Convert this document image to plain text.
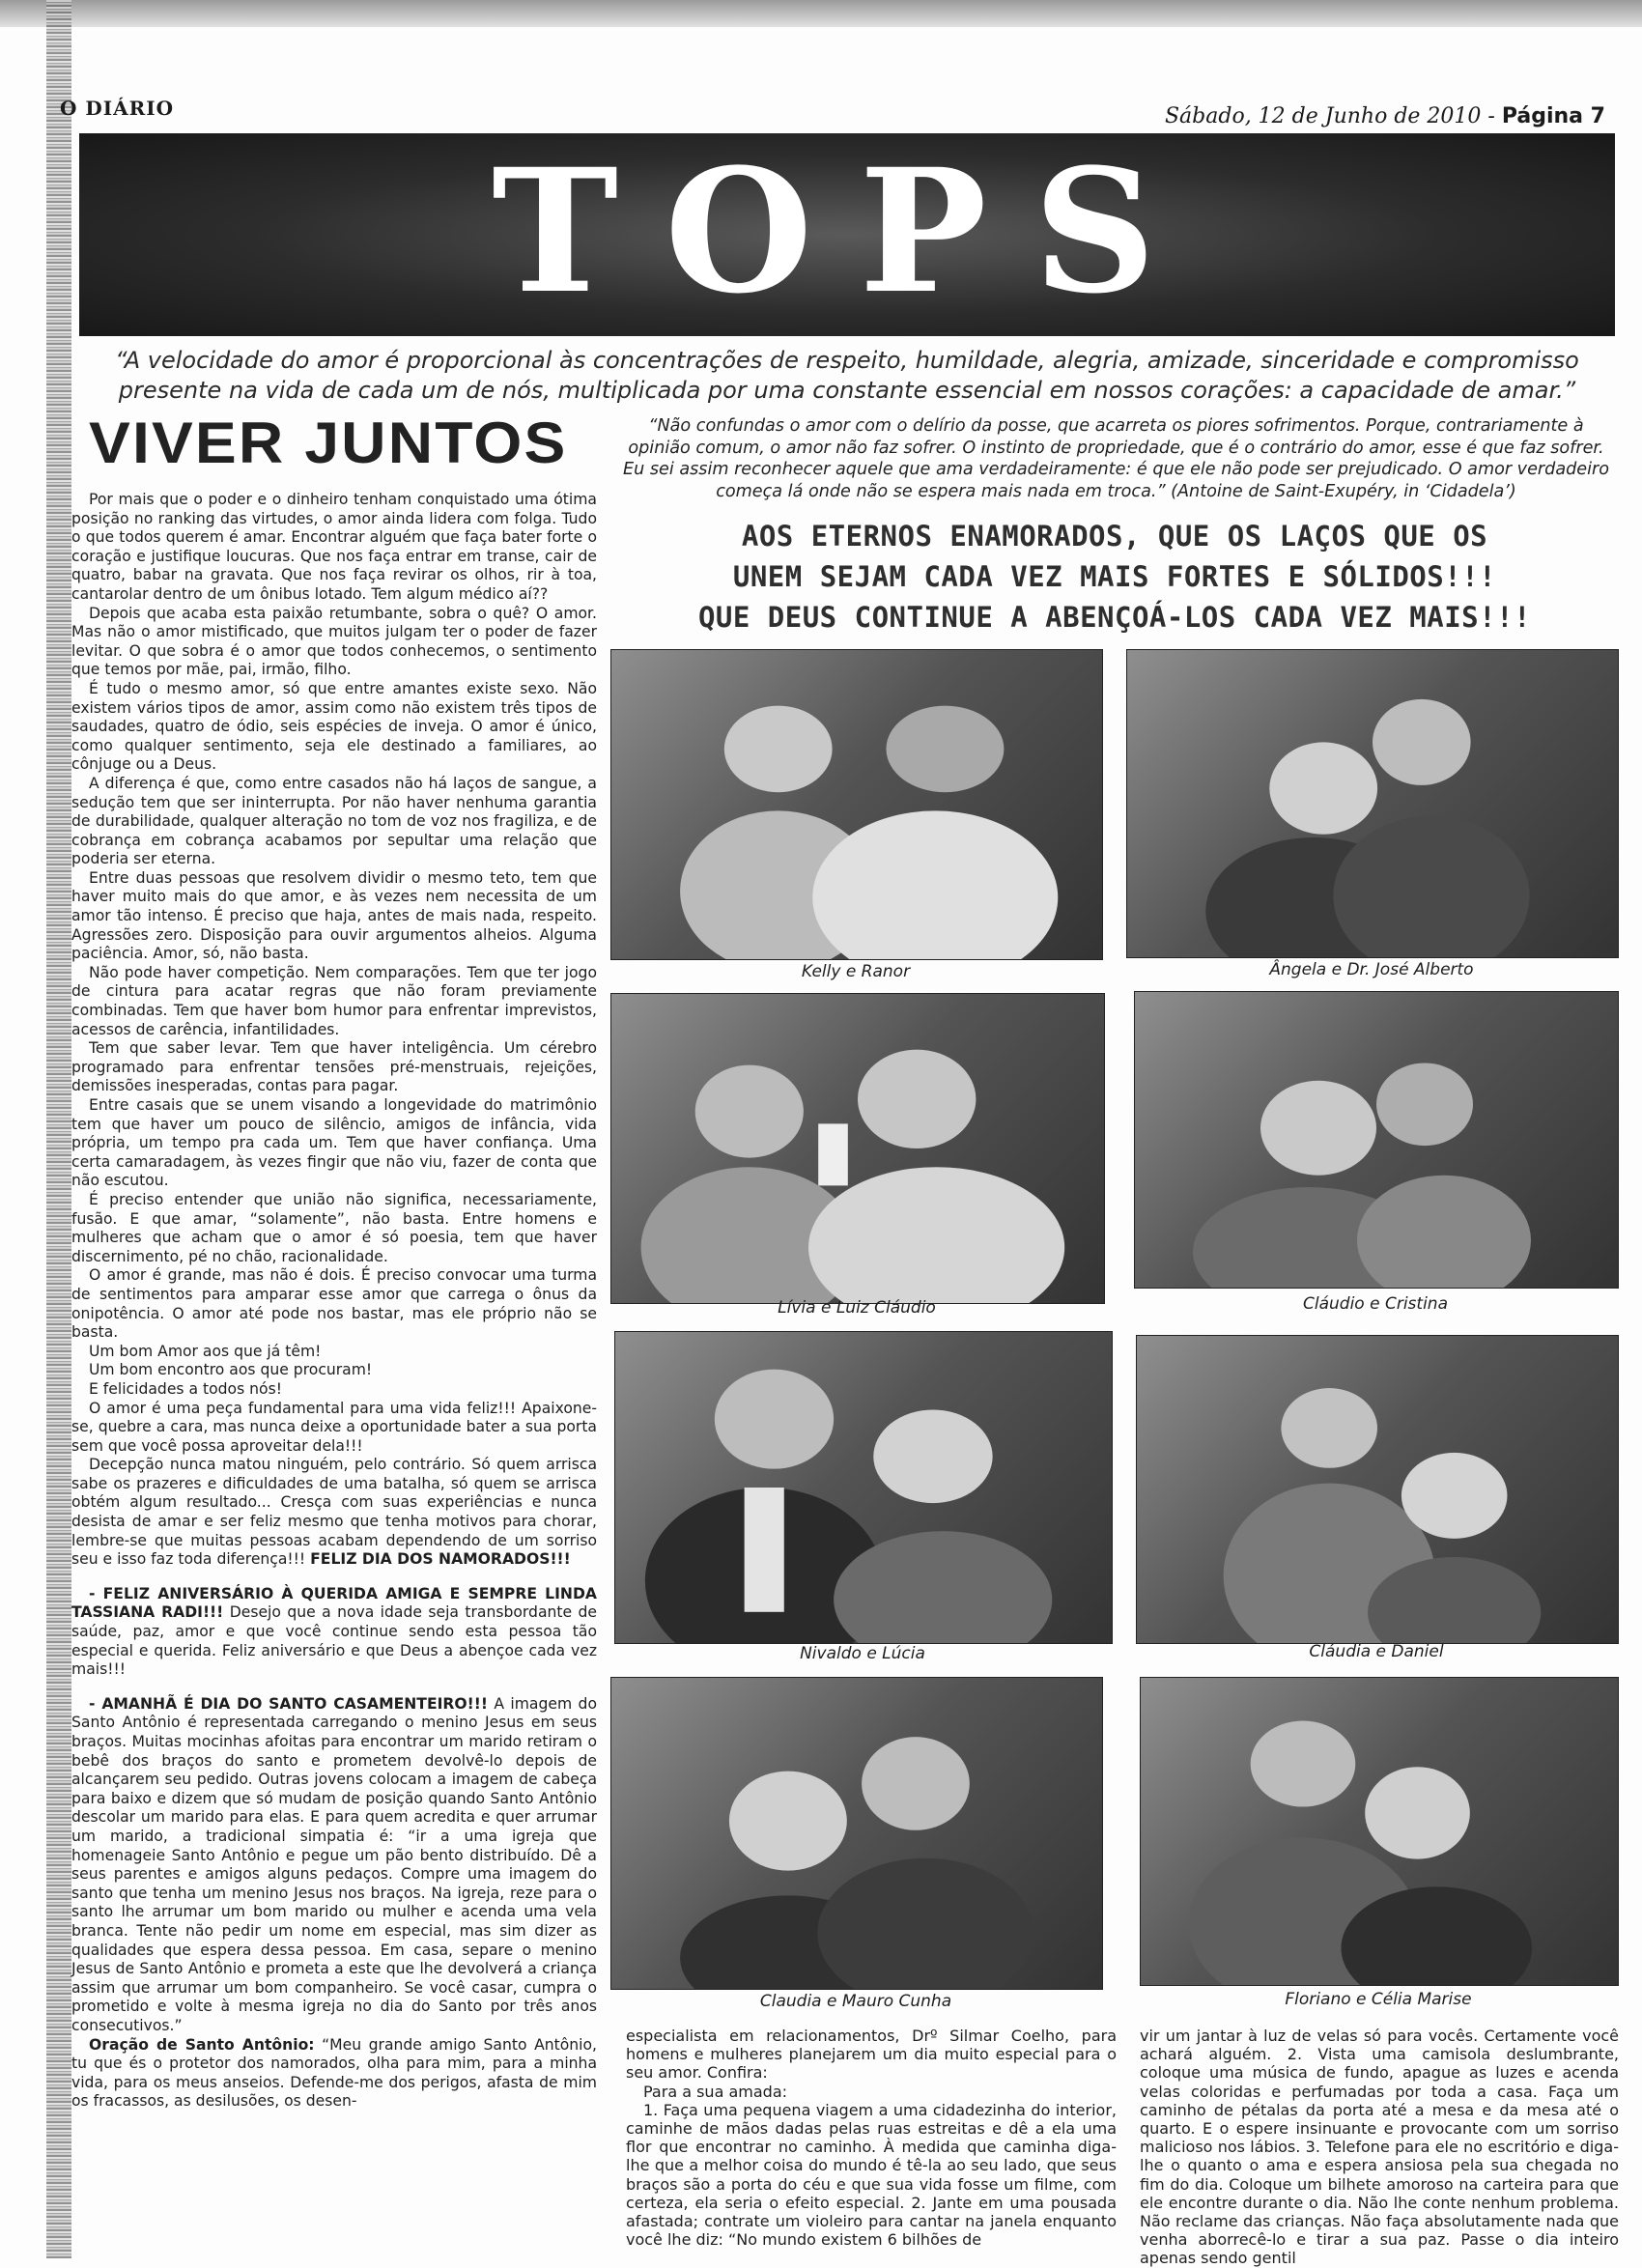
O DIÁRIO	Sábado, 12 de Junho de 2010 - Página 7
TOPS
“A velocidade do amor é proporcional às concentrações de respeito, humildade, alegria, amizade, sinceridade e compromisso presente na vida de cada um de nós, multiplicada por uma constante essencial em nossos corações: a capacidade de amar.”
VIVER JUNTOS

Por mais que o poder e o dinheiro tenham conquistado uma ótima posição no ranking das virtudes, o amor ainda lidera com folga. Tudo o que todos querem é amar. Encontrar alguém que faça bater forte o coração e justifique loucuras. Que nos faça entrar em transe, cair de quatro, babar na gravata. Que nos faça revirar os olhos, rir à toa, cantarolar dentro de um ônibus lotado. Tem algum médico aí??

Depois que acaba esta paixão retumbante, sobra o quê? O amor. Mas não o amor mistificado, que muitos julgam ter o poder de fazer levitar. O que sobra é o amor que todos conhecemos, o sentimento que temos por mãe, pai, irmão, filho.

É tudo o mesmo amor, só que entre amantes existe sexo. Não existem vários tipos de amor, assim como não existem três tipos de saudades, quatro de ódio, seis espécies de inveja. O amor é único, como qualquer sentimento, seja ele destinado a familiares, ao cônjuge ou a Deus.

A diferença é que, como entre casados não há laços de sangue, a sedução tem que ser ininterrupta. Por não haver nenhuma garantia de durabilidade, qualquer alteração no tom de voz nos fragiliza, e de cobrança em cobrança acabamos por sepultar uma relação que poderia ser eterna.

Entre duas pessoas que resolvem dividir o mesmo teto, tem que haver muito mais do que amor, e às vezes nem necessita de um amor tão intenso. É preciso que haja, antes de mais nada, respeito. Agressões zero. Disposição para ouvir argumentos alheios. Alguma paciência. Amor, só, não basta.

Não pode haver competição. Nem comparações. Tem que ter jogo de cintura para acatar regras que não foram previamente combinadas. Tem que haver bom humor para enfrentar imprevistos, acessos de carência, infantilidades.

Tem que saber levar. Tem que haver inteligência. Um cérebro programado para enfrentar tensões pré-menstruais, rejeições, demissões inesperadas, contas para pagar.

Entre casais que se unem visando a longevidade do matrimônio tem que haver um pouco de silêncio, amigos de infância, vida própria, um tempo pra cada um. Tem que haver confiança. Uma certa camaradagem, às vezes fingir que não viu, fazer de conta que não escutou.

É preciso entender que união não significa, necessariamente, fusão. E que amar, “solamente”, não basta. Entre homens e mulheres que acham que o amor é só poesia, tem que haver discernimento, pé no chão, racionalidade.

O amor é grande, mas não é dois. É preciso convocar uma turma de sentimentos para amparar esse amor que carrega o ônus da onipotência. O amor até pode nos bastar, mas ele próprio não se basta.

Um bom Amor aos que já têm!

Um bom encontro aos que procuram!

E felicidades a todos nós!

O amor é uma peça fundamental para uma vida feliz!!! Apaixone-se, quebre a cara, mas nunca deixe a oportunidade bater a sua porta sem que você possa aproveitar dela!!!

Decepção nunca matou ninguém, pelo contrário. Só quem arrisca sabe os prazeres e dificuldades de uma batalha, só quem se arrisca obtém algum resultado... Cresça com suas experiências e nunca desista de amar e ser feliz mesmo que tenha motivos para chorar, lembre-se que muitas pessoas acabam dependendo de um sorriso seu e isso faz toda diferença!!! FELIZ DIA DOS NAMORADOS!!!

- FELIZ ANIVERSÁRIO À QUERIDA AMIGA E SEMPRE LINDA TASSIANA RADI!!! Desejo que a nova idade seja transbordante de saúde, paz, amor e que você continue sendo esta pessoa tão especial e querida. Feliz aniversário e que Deus a abençoe cada vez mais!!!

- AMANHÃ É DIA DO SANTO CASAMENTEIRO!!! A imagem do Santo Antônio é representada carregando o menino Jesus em seus braços. Muitas mocinhas afoitas para encontrar um marido retiram o bebê dos braços do santo e prometem devolvê-lo depois de alcançarem seu pedido. Outras jovens colocam a imagem de cabeça para baixo e dizem que só mudam de posição quando Santo Antônio descolar um marido para elas. E para quem acredita e quer arrumar um marido, a tradicional simpatia é: “ir a uma igreja que homenageie Santo Antônio e pegue um pão bento distribuído. Dê a seus parentes e amigos alguns pedaços. Compre uma imagem do santo que tenha um menino Jesus nos braços. Na igreja, reze para o santo lhe arrumar um bom marido ou mulher e acenda uma vela branca. Tente não pedir um nome em especial, mas sim dizer as qualidades que espera dessa pessoa. Em casa, separe o menino Jesus de Santo Antônio e prometa a este que lhe devolverá a criança assim que arrumar um bom companheiro. Se você casar, cumpra o prometido e volte à mesma igreja no dia do Santo por três anos consecutivos.”

Oração de Santo Antônio: “Meu grande amigo Santo Antônio, tu que és o protetor dos namorados, olha para mim, para a minha vida, para os meus anseios. Defende-me dos perigos, afasta de mim os fracassos, as desilusões, os desen-

“Não confundas o amor com o delírio da posse, que acarreta os piores sofrimentos. Porque, contrariamente à opinião comum, o amor não faz sofrer. O instinto de propriedade, que é o contrário do amor, esse é que faz sofrer. Eu sei assim reconhecer aquele que ama verdadeiramente: é que ele não pode ser prejudicado. O amor verdadeiro começa lá onde não se espera mais nada em troca.” (Antoine de Saint-Exupéry, in ‘Cidadela’)
AOS ETERNOS ENAMORADOS, QUE OS LAÇOS QUE OS
UNEM SEJAM CADA VEZ MAIS FORTES E SÓLIDOS!!!
QUE DEUS CONTINUE A ABENÇOÁ-LOS CADA VEZ MAIS!!!
Kelly e Ranor	Ângela e Dr. José Alberto
Lívia e Luiz Cláudio	Cláudio e Cristina
Nivaldo e Lúcia	Cláudia e Daniel
Claudia e Mauro Cunha	Floriano e Célia Marise

especialista em relacionamentos, Drº Silmar Coelho, para homens e mulheres planejarem um dia muito especial para o seu amor. Confira:

Para a sua amada:

1. Faça uma pequena viagem a uma cidadezinha do interior, caminhe de mãos dadas pelas ruas estreitas e dê a ela uma flor que encontrar no caminho. À medida que caminha diga-lhe que a melhor coisa do mundo é tê-la ao seu lado, que seus braços são a porta do céu e que sua vida fosse um filme, com certeza, ela seria o efeito especial. 2. Jante em uma pousada afastada; contrate um violeiro para cantar na janela enquanto você lhe diz: “No mundo existem 6 bilhões de

vir um jantar à luz de velas só para vocês. Certamente você achará alguém. 2. Vista uma camisola deslumbrante, coloque uma música de fundo, apague as luzes e acenda velas coloridas e perfumadas por toda a casa. Faça um caminho de pétalas da porta até a mesa e da mesa até o quarto. E o espere insinuante e provocante com um sorriso malicioso nos lábios. 3. Telefone para ele no escritório e diga-lhe o quanto o ama e espera ansiosa pela sua chegada no fim do dia. Coloque um bilhete amoroso na carteira para que ele encontre durante o dia. Não lhe conte nenhum problema. Não reclame das crianças. Não faça absolutamente nada que venha aborrecê-lo e tirar a sua paz. Passe o dia inteiro apenas sendo gentil
